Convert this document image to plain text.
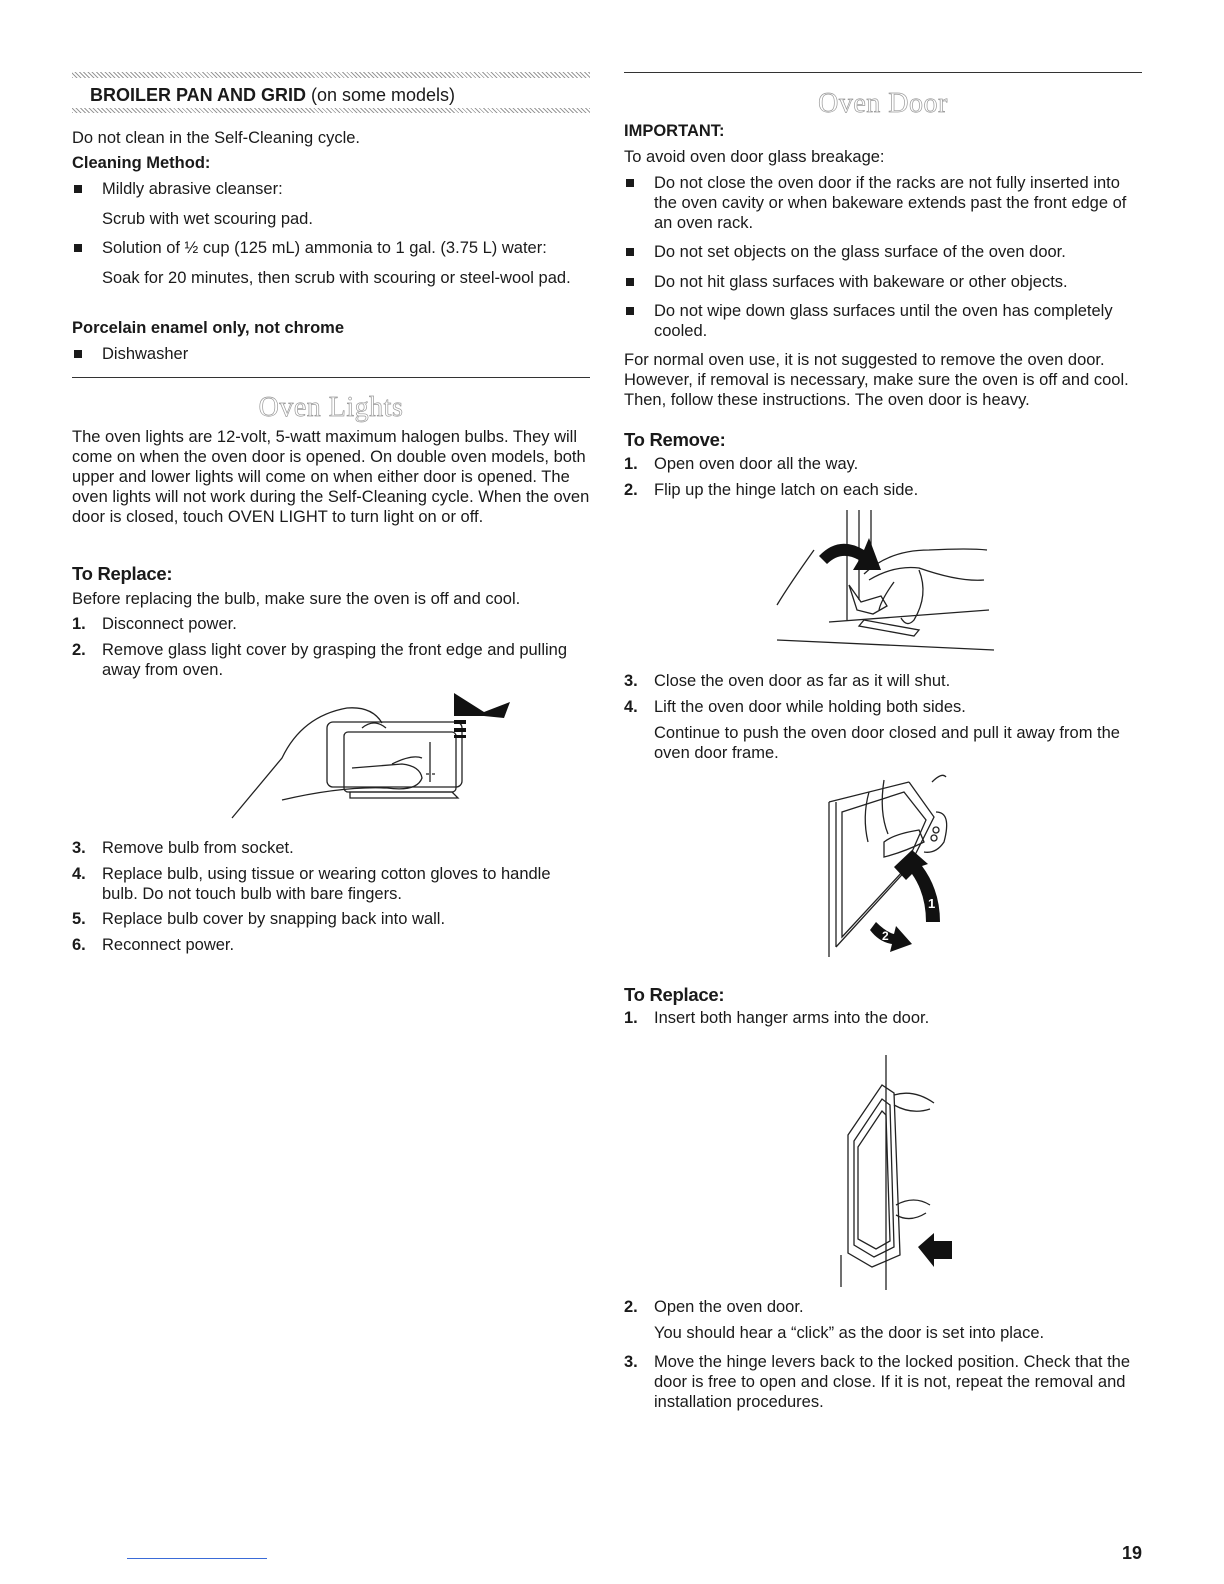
BROILER PAN AND GRID (on some models)
Do not clean in the Self-Cleaning cycle.
Cleaning Method:
Mildly abrasive cleanser:
Scrub with wet scouring pad.
Solution of ½ cup (125 mL) ammonia to 1 gal. (3.75 L) water:
Soak for 20 minutes, then scrub with scouring or steel-wool pad.
Porcelain enamel only, not chrome
Dishwasher
Oven Lights
The oven lights are 12-volt, 5-watt maximum halogen bulbs. They will come on when the oven door is opened. On double oven models, both upper and lower lights will come on when either door is opened. The oven lights will not work during the Self-Cleaning cycle. When the oven door is closed, touch OVEN LIGHT to turn light on or off.
To Replace:
Before replacing the bulb, make sure the oven is off and cool.
1. Disconnect power.
2. Remove glass light cover by grasping the front edge and pulling away from oven.
3. Remove bulb from socket.
4. Replace bulb, using tissue or wearing cotton gloves to handle bulb. Do not touch bulb with bare fingers.
5. Replace bulb cover by snapping back into wall.
6. Reconnect power.
Oven Door
IMPORTANT:
To avoid oven door glass breakage:
Do not close the oven door if the racks are not fully inserted into the oven cavity or when bakeware extends past the front edge of an oven rack.
Do not set objects on the glass surface of the oven door.
Do not hit glass surfaces with bakeware or other objects.
Do not wipe down glass surfaces until the oven has completely cooled.
For normal oven use, it is not suggested to remove the oven door. However, if removal is necessary, make sure the oven is off and cool. Then, follow these instructions. The oven door is heavy.
To Remove:
1. Open oven door all the way.
2. Flip up the hinge latch on each side.
3. Close the oven door as far as it will shut.
4. Lift the oven door while holding both sides.
Continue to push the oven door closed and pull it away from the oven door frame.
1
2
To Replace:
1. Insert both hanger arms into the door.
2. Open the oven door.
You should hear a “click” as the door is set into place.
3. Move the hinge levers back to the locked position. Check that the door is free to open and close. If it is not, repeat the removal and installation procedures.
19
